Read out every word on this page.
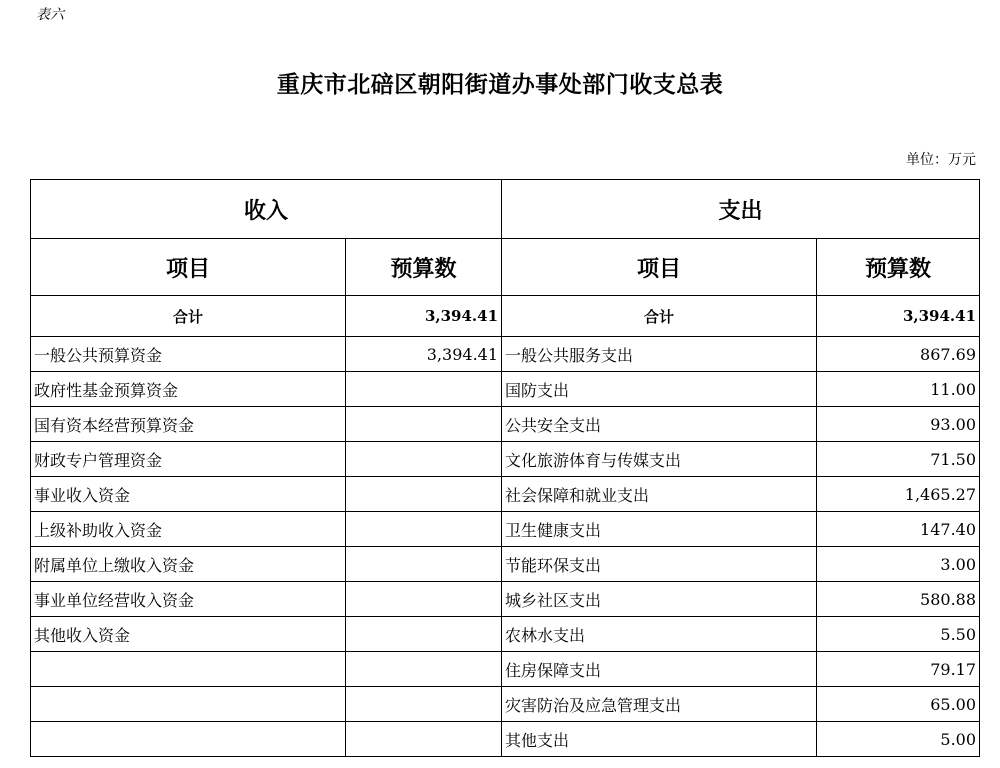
表六
重庆市北碚区朝阳街道办事处部门收支总表
单位：万元
收入		支出	
项目	预算数	项目	预算数
合计	3,394.41	合计	3,394.41
一般公共预算资金	3,394.41	一般公共服务支出	867.69
政府性基金预算资金		国防支出	11.00
国有资本经营预算资金		公共安全支出	93.00
财政专户管理资金		文化旅游体育与传媒支出	71.50
事业收入资金		社会保障和就业支出	1,465.27
上级补助收入资金		卫生健康支出	147.40
附属单位上缴收入资金		节能环保支出	3.00
事业单位经营收入资金		城乡社区支出	580.88
其他收入资金		农林水支出	5.50
		住房保障支出	79.17
		灾害防治及应急管理支出	65.00
		其他支出	5.00
